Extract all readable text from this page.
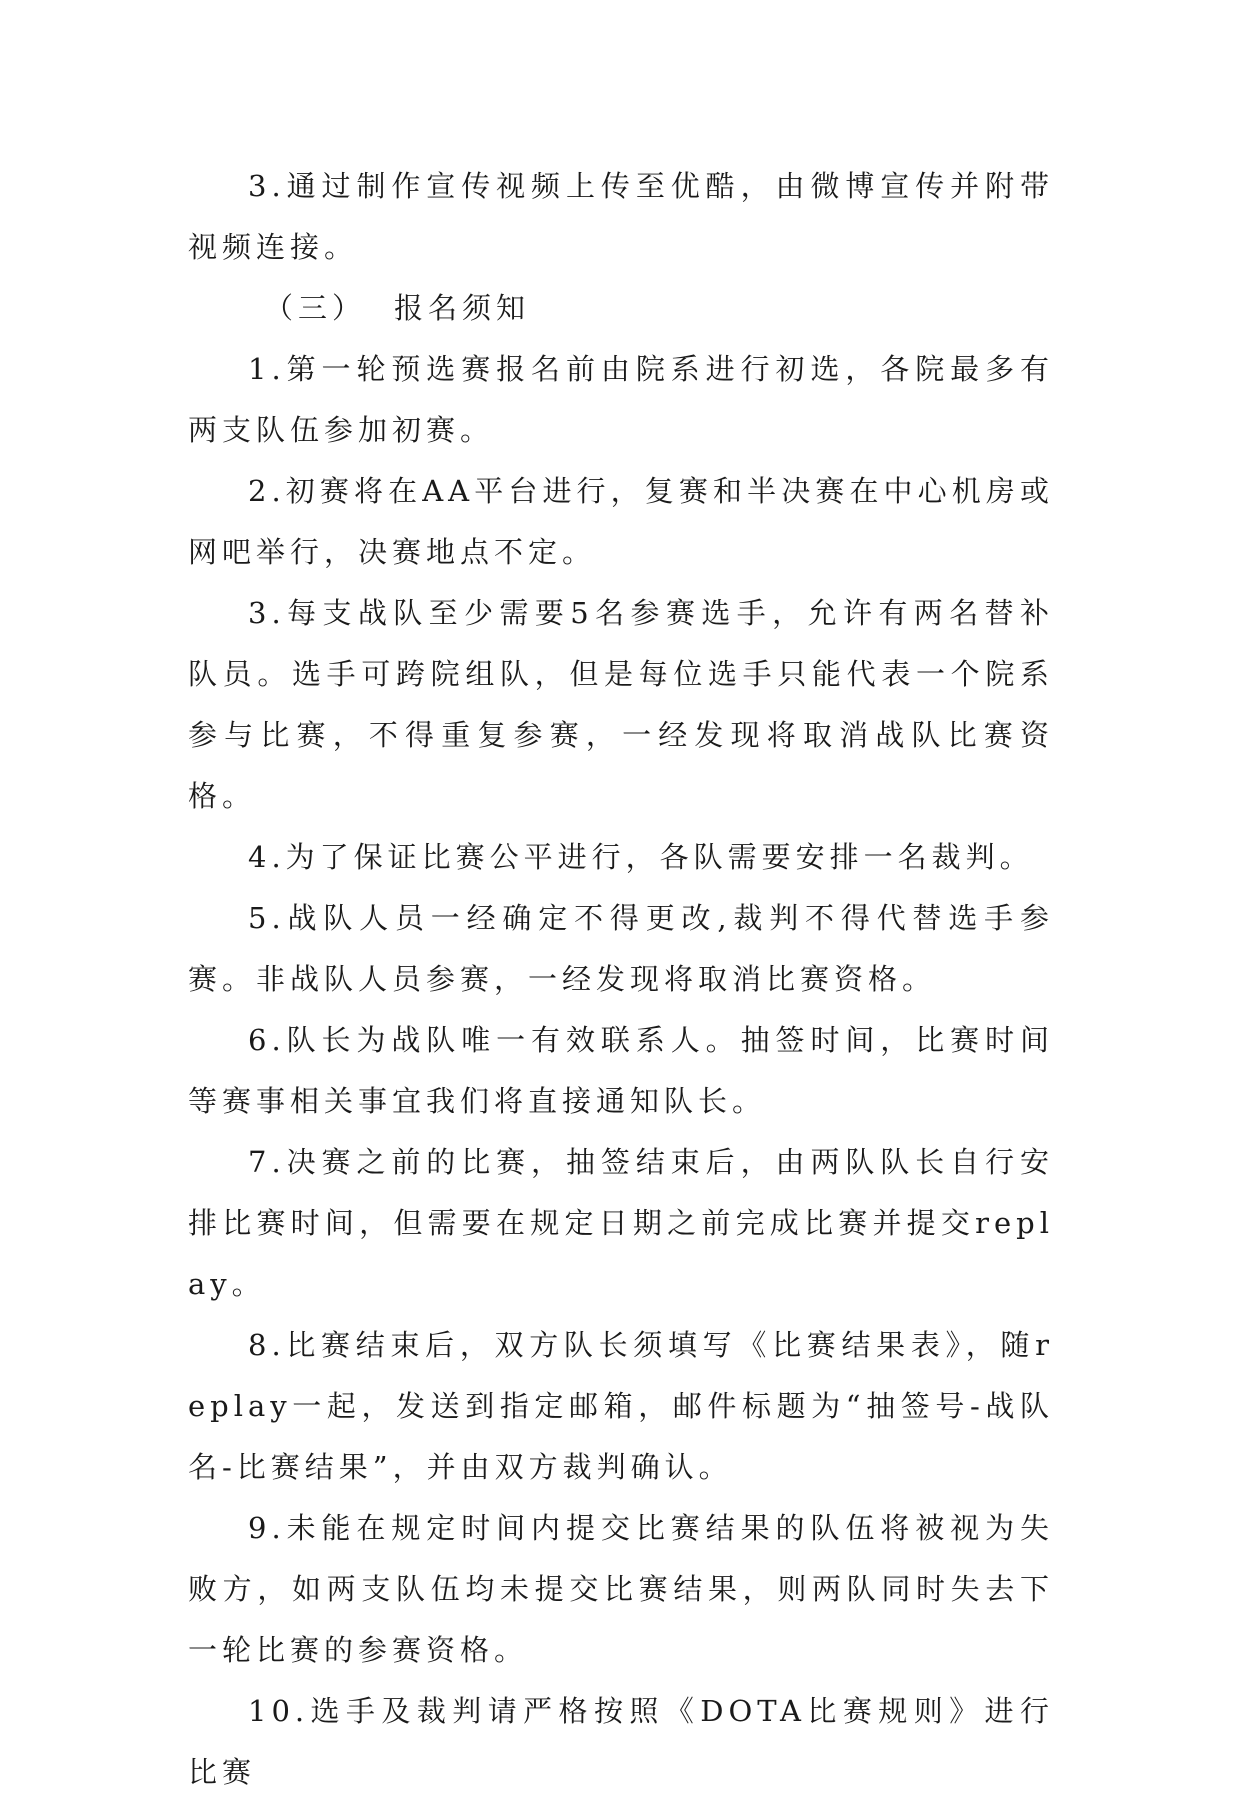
3.通过制作宣传视频上传至优酷，由微博宣传并附带视频连接。

（三） 报名须知

1.第一轮预选赛报名前由院系进行初选，各院最多有两支队伍参加初赛。

2.初赛将在AA平台进行，复赛和半决赛在中心机房或网吧举行，决赛地点不定。

3.每支战队至少需要5名参赛选手，允许有两名替补队员。选手可跨院组队，但是每位选手只能代表一个院系参与比赛，不得重复参赛，一经发现将取消战队比赛资格。

4.为了保证比赛公平进行，各队需要安排一名裁判。

5.战队人员一经确定不得更改,裁判不得代替选手参赛。非战队人员参赛，一经发现将取消比赛资格。

6.队长为战队唯一有效联系人。抽签时间，比赛时间等赛事相关事宜我们将直接通知队长。

7.决赛之前的比赛，抽签结束后，由两队队长自行安排比赛时间，但需要在规定日期之前完成比赛并提交replay。

8.比赛结束后，双方队长须填写《比赛结果表》，随replay一起，发送到指定邮箱，邮件标题为“抽签号-战队名-比赛结果”，并由双方裁判确认。

9.未能在规定时间内提交比赛结果的队伍将被视为失败方，如两支队伍均未提交比赛结果，则两队同时失去下一轮比赛的参赛资格。

10.选手及裁判请严格按照《DOTA比赛规则》进行比赛
